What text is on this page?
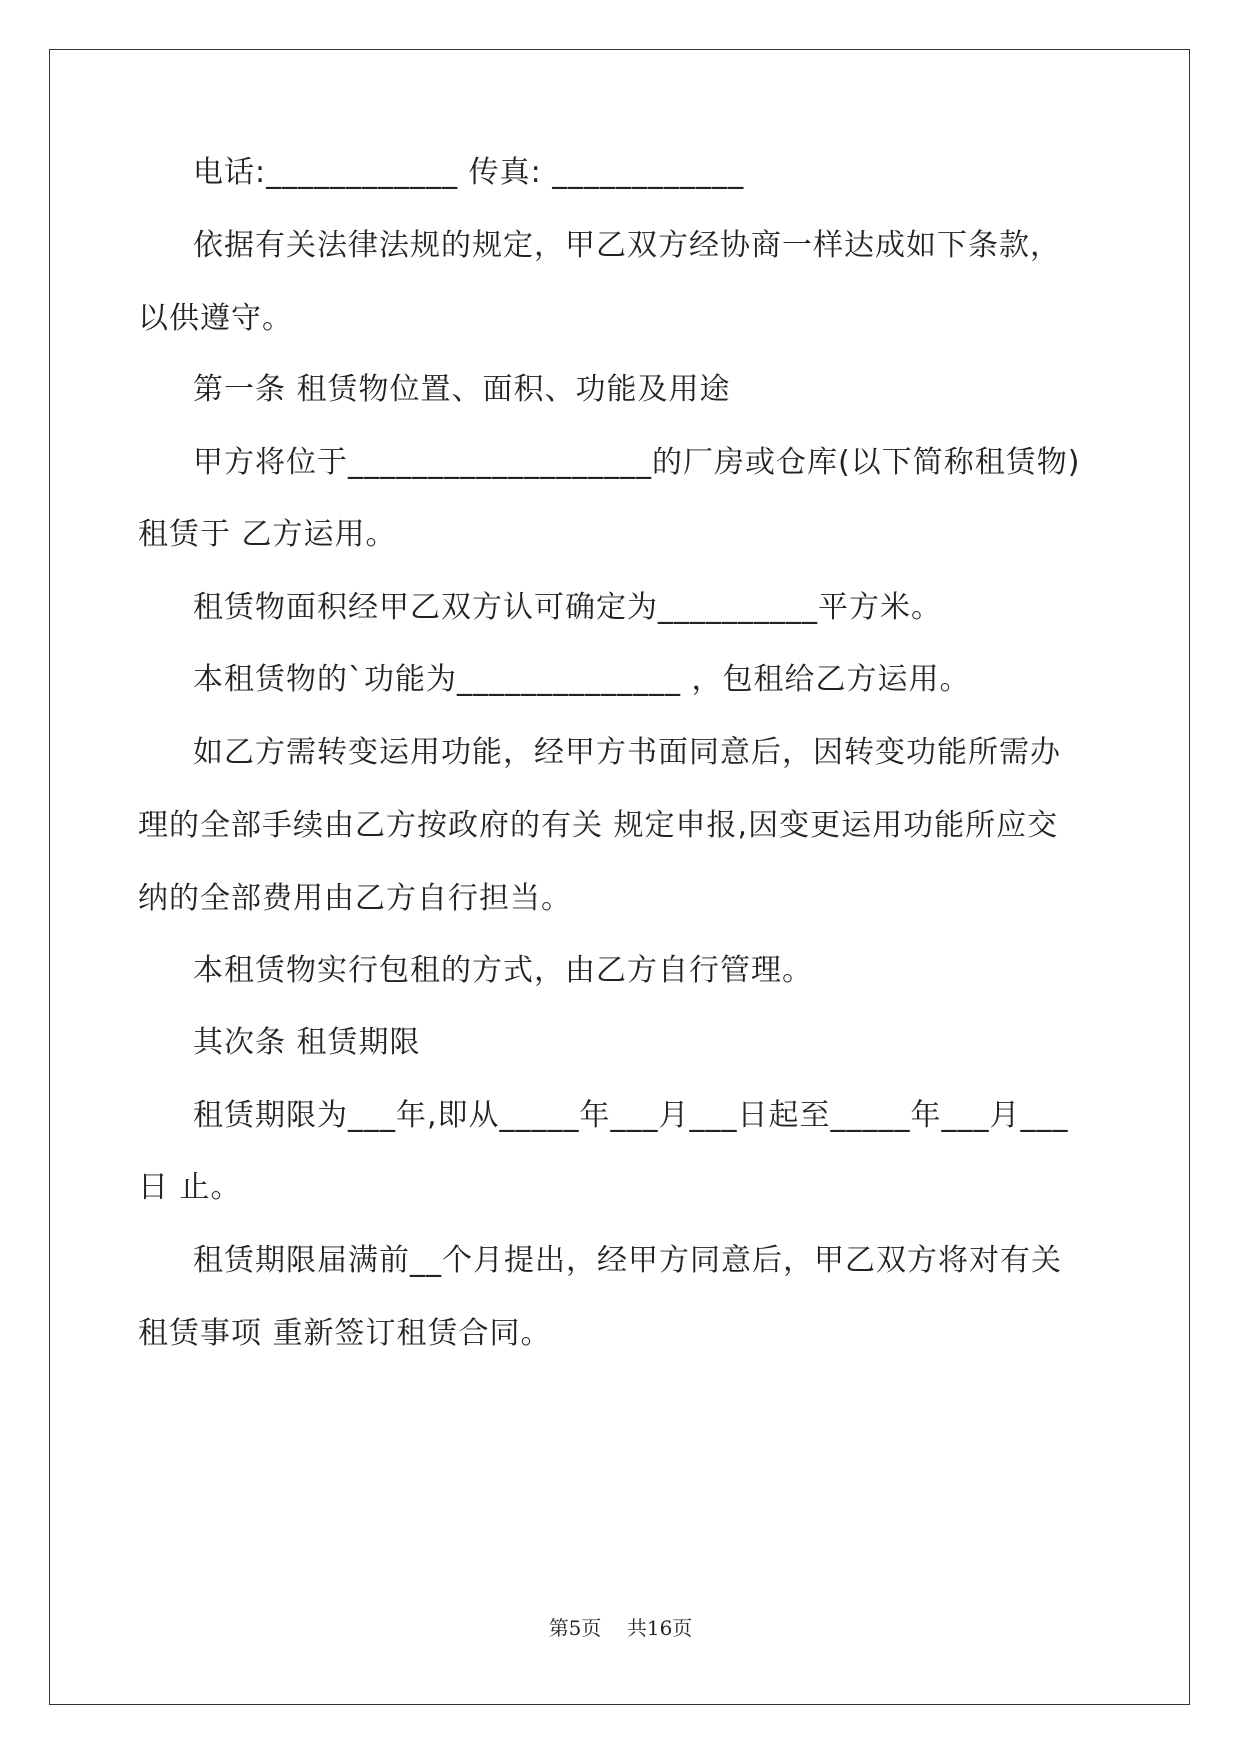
电话:____________ 传真: ____________
依据有关法律法规的规定，甲乙双方经协商一样达成如下条款，
以供遵守。
第一条 租赁物位置、面积、功能及用途
甲方将位于___________________的厂房或仓库(以下简称租赁物)
租赁于 乙方运用。
租赁物面积经甲乙双方认可确定为__________平方米。
本租赁物的`功能为______________ ，包租给乙方运用。
如乙方需转变运用功能，经甲方书面同意后，因转变功能所需办
理的全部手续由乙方按政府的有关 规定申报,因变更运用功能所应交
纳的全部费用由乙方自行担当。
本租赁物实行包租的方式，由乙方自行管理。
其次条 租赁期限
租赁期限为___年,即从_____年___月___日起至_____年___月___
日 止。
租赁期限届满前__个月提出，经甲方同意后，甲乙双方将对有关
租赁事项 重新签订租赁合同。
第5页 共16页
